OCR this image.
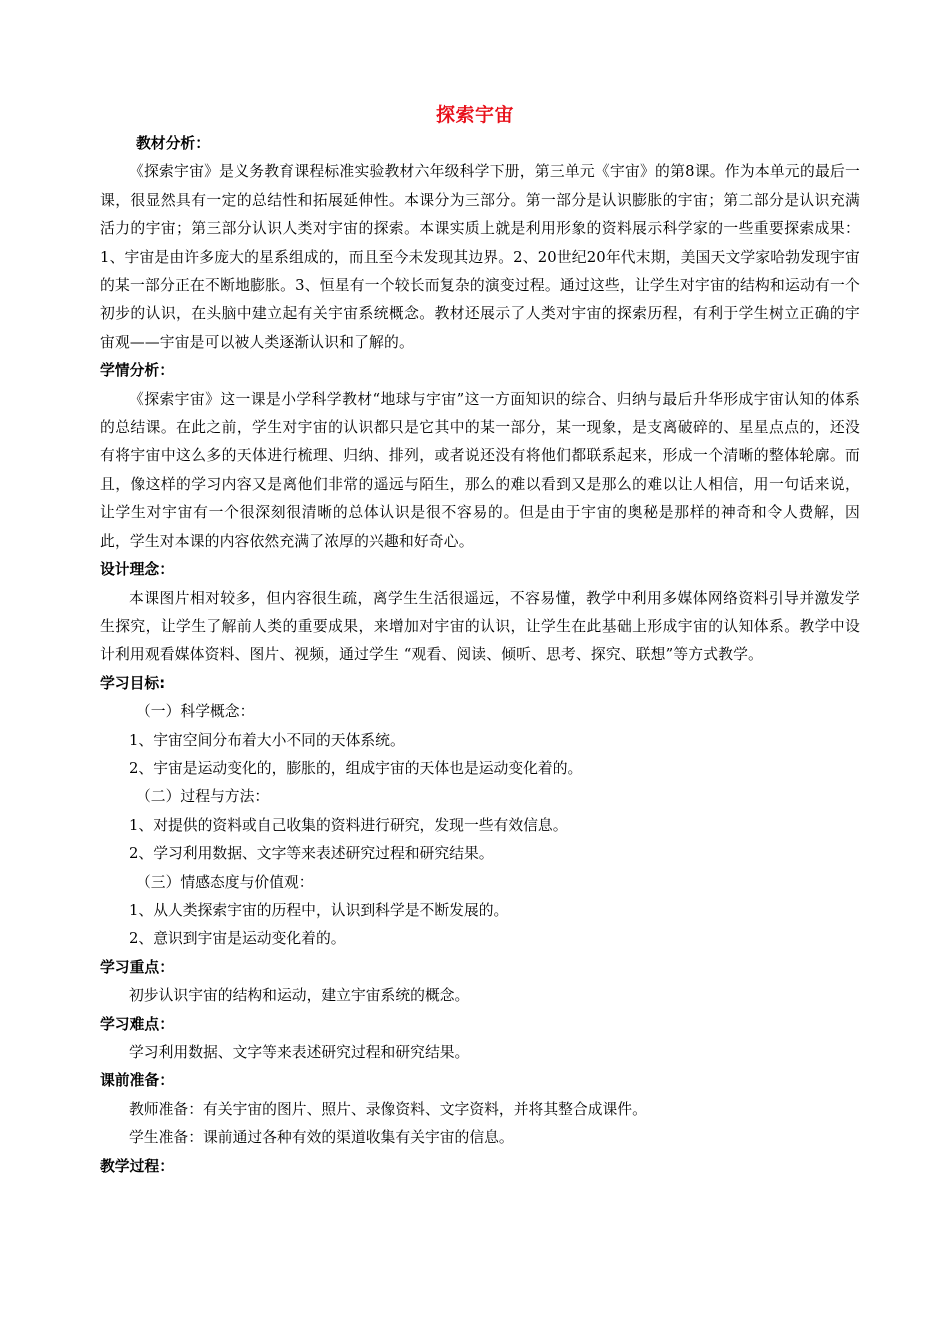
探索宇宙
教材分析：
《探索宇宙》是义务教育课程标准实验教材六年级科学下册，第三单元《宇宙》的第8课。作为本单元的最后一课，很显然具有一定的总结性和拓展延伸性。本课分为三部分。第一部分是认识膨胀的宇宙；第二部分是认识充满活力的宇宙；第三部分认识人类对宇宙的探索。本课实质上就是利用形象的资料展示科学家的一些重要探索成果：1、宇宙是由许多庞大的星系组成的，而且至今未发现其边界。2、20世纪20年代末期，美国天文学家哈勃发现宇宙的某一部分正在不断地膨胀。3、恒星有一个较长而复杂的演变过程。通过这些，让学生对宇宙的结构和运动有一个初步的认识，在头脑中建立起有关宇宙系统概念。教材还展示了人类对宇宙的探索历程，有利于学生树立正确的宇宙观——宇宙是可以被人类逐渐认识和了解的。
学情分析：
《探索宇宙》这一课是小学科学教材“地球与宇宙”这一方面知识的综合、归纳与最后升华形成宇宙认知的体系的总结课。在此之前，学生对宇宙的认识都只是它其中的某一部分，某一现象，是支离破碎的、星星点点的，还没有将宇宙中这么多的天体进行梳理、归纳、排列，或者说还没有将他们都联系起来，形成一个清晰的整体轮廓。而且，像这样的学习内容又是离他们非常的遥远与陌生，那么的难以看到又是那么的难以让人相信，用一句话来说，让学生对宇宙有一个很深刻很清晰的总体认识是很不容易的。但是由于宇宙的奥秘是那样的神奇和令人费解，因此，学生对本课的内容依然充满了浓厚的兴趣和好奇心。
设计理念：
本课图片相对较多，但内容很生疏，离学生生活很遥远，不容易懂，教学中利用多媒体网络资料引导并激发学生探究，让学生了解前人类的重要成果，来增加对宇宙的认识，让学生在此基础上形成宇宙的认知体系。教学中设计利用观看媒体资料、图片、视频，通过学生 “观看、阅读、倾听、思考、探究、联想”等方式教学。
学习目标:
（一）科学概念：
1、宇宙空间分布着大小不同的天体系统。
2、宇宙是运动变化的，膨胀的，组成宇宙的天体也是运动变化着的。
（二）过程与方法：
1、对提供的资料或自己收集的资料进行研究，发现一些有效信息。
2、学习利用数据、文字等来表述研究过程和研究结果。
（三）情感态度与价值观：
1、从人类探索宇宙的历程中，认识到科学是不断发展的。
2、意识到宇宙是运动变化着的。
学习重点：
初步认识宇宙的结构和运动，建立宇宙系统的概念。
学习难点：
学习利用数据、文字等来表述研究过程和研究结果。
课前准备：
教师准备：有关宇宙的图片、照片、录像资料、文字资料，并将其整合成课件。
学生准备：课前通过各种有效的渠道收集有关宇宙的信息。
教学过程：
